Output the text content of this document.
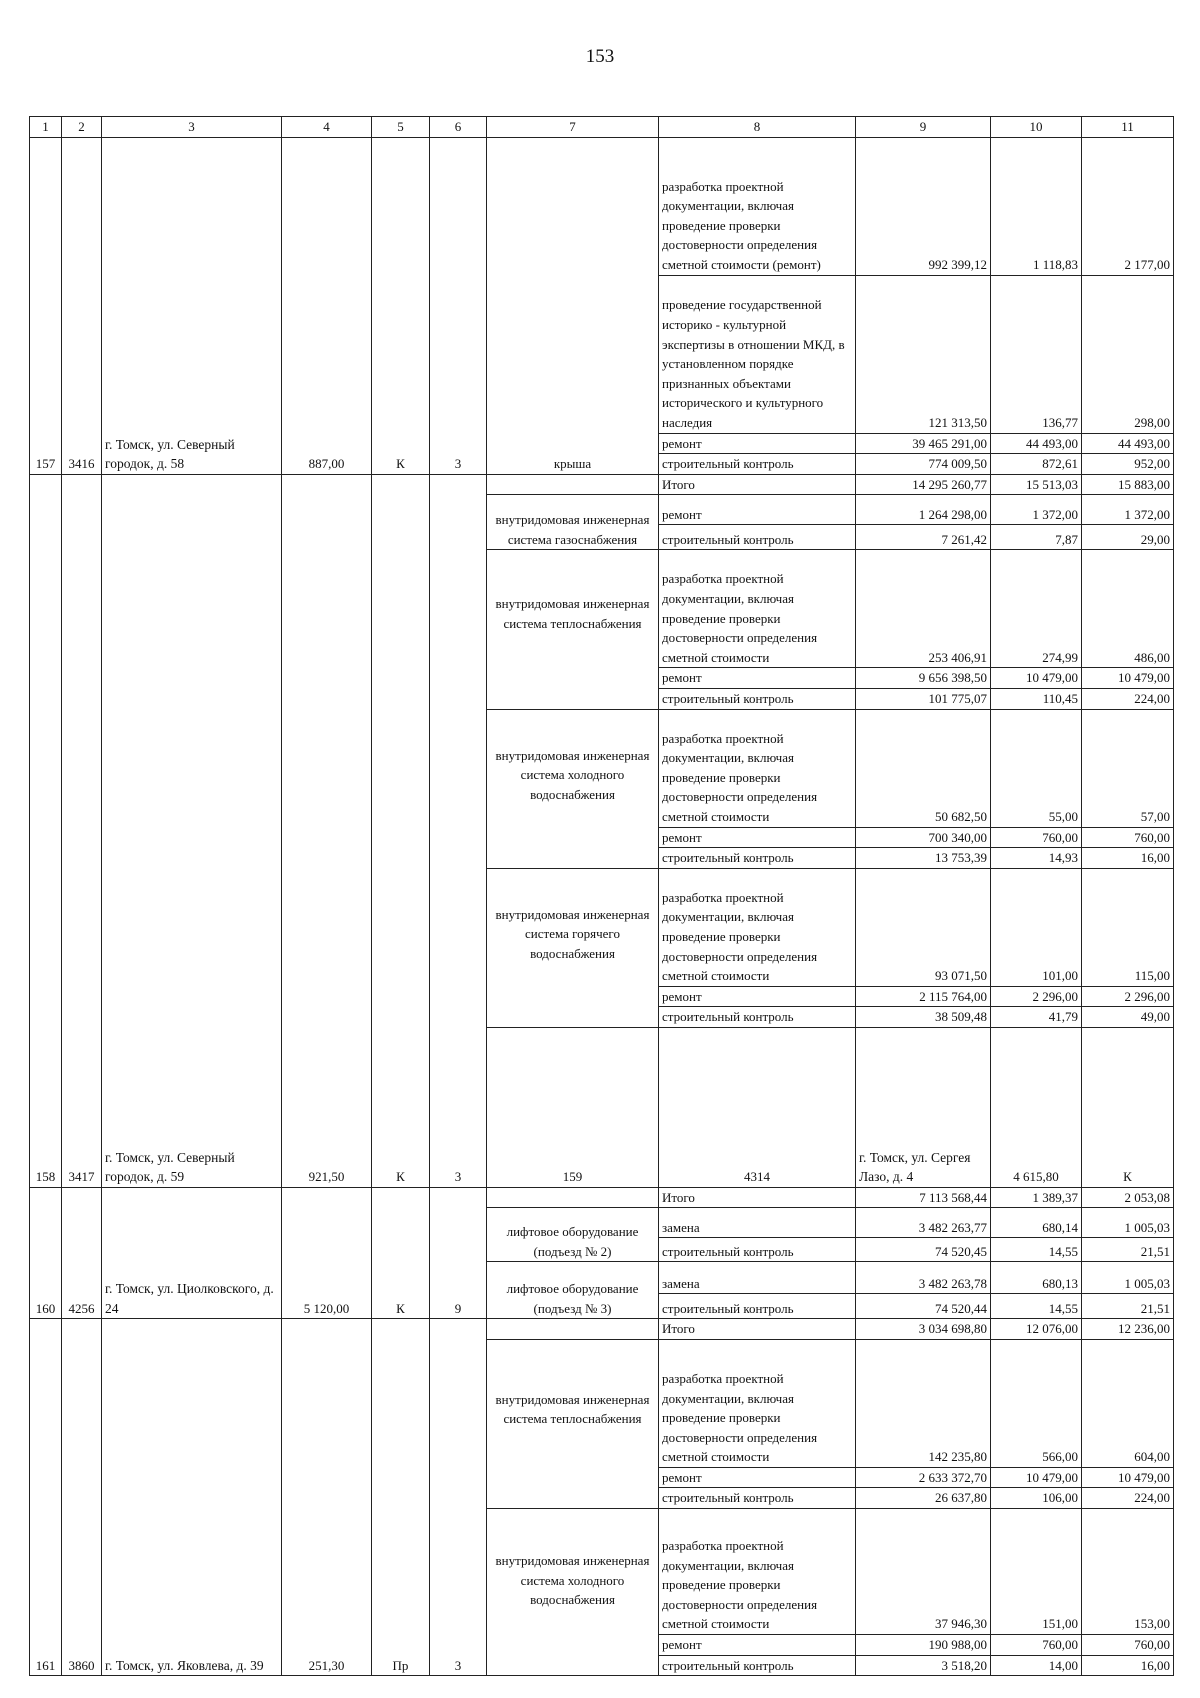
153
1	2	3	4	5	6	7	8	9	10	11	
157	3416	г. Томск, ул. Северный городок, д. 58	887,00	К	3	крыша	разработка проектной документации, включая проведение проверки достоверности определения сметной стоимости (ремонт)	992 399,12	1 118,83	2 177,00	
							проведение государственной историко - культурной экспертизы в отношении МКД, в установленном порядке признанных объектами исторического и культурного наследия	121 313,50	136,77	298,00	
							ремонт	39 465 291,00	44 493,00	44 493,00	
							строительный контроль	774 009,50	872,61	952,00	
158	3417	г. Томск, ул. Северный городок, д. 59	921,50	К	3		Итого	14 295 260,77	15 513,03	15 883,00	
						внутридомовая инженерная система газоснабжения	ремонт	1 264 298,00	1 372,00	1 372,00	
							строительный контроль	7 261,42	7,87	29,00	

						внутридомовая инженерная система теплоснабжения	разработка проектной документации, включая проведение проверки достоверности определения сметной стоимости	253 406,91	274,99	486,00	
							ремонт	9 656 398,50	10 479,00	10 479,00	
							строительный контроль	101 775,07	110,45	224,00	

						внутридомовая инженерная система холодного водоснабжения	разработка проектной документации, включая проведение проверки достоверности определения сметной стоимости	50 682,50	55,00	57,00	
							ремонт	700 340,00	760,00	760,00	
							строительный контроль	13 753,39	14,93	16,00	

						внутридомовая инженерная система горячего водоснабжения	разработка проектной документации, включая проведение проверки достоверности определения сметной стоимости	93 071,50	101,00	115,00	
							ремонт	2 115 764,00	2 296,00	2 296,00	
							строительный контроль	38 509,48	41,79	49,00	
						159	4314	г. Томск, ул. Сергея Лазо, д. 4	4 615,80	К						

160	4256	г. Томск, ул. Циолковского, д. 24	5 120,00	К	9		Итого	7 113 568,44	1 389,37	2 053,08	
						лифтовое оборудование (подъезд № 2)	замена	3 482 263,77	680,14	1 005,03	
							строительный контроль	74 520,45	14,55	21,51	
						лифтовое оборудование (подъезд № 3)	замена	3 482 263,78	680,13	1 005,03	
							строительный контроль	74 520,44	14,55	21,51	
161	3860	г. Томск, ул. Яковлева, д. 39	251,30	Пр	3		Итого	3 034 698,80	12 076,00	12 236,00	

						внутридомовая инженерная система теплоснабжения	разработка проектной документации, включая проведение проверки достоверности определения сметной стоимости	142 235,80	566,00	604,00	
							ремонт	2 633 372,70	10 479,00	10 479,00	
							строительный контроль	26 637,80	106,00	224,00	

						внутридомовая инженерная система холодного водоснабжения	разработка проектной документации, включая проведение проверки достоверности определения сметной стоимости	37 946,30	151,00	153,00	
							ремонт	190 988,00	760,00	760,00	
							строительный контроль	3 518,20	14,00	16,00	
